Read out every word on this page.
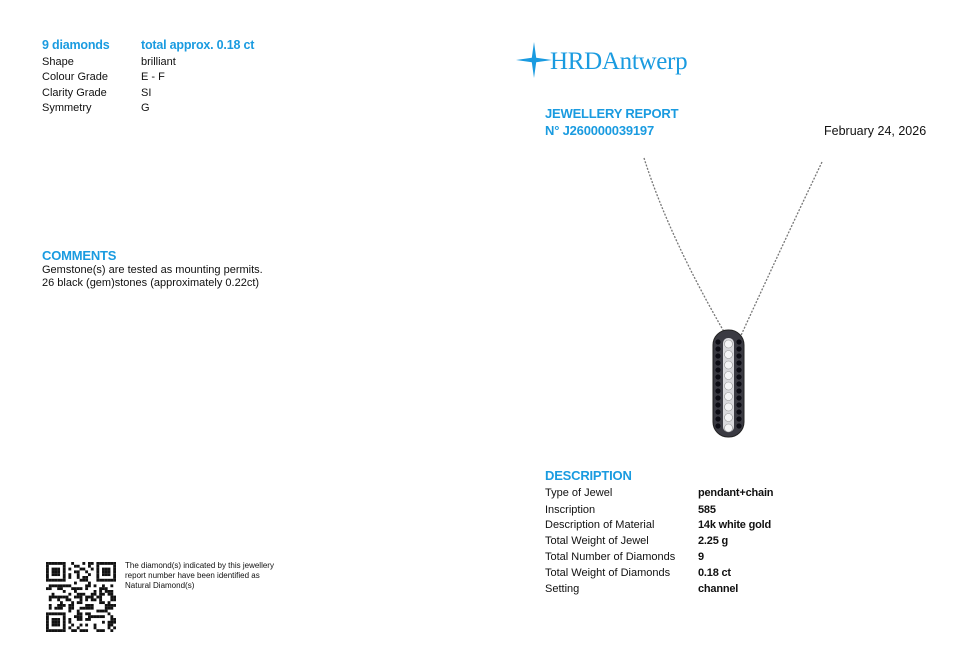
9 diamonds	total approx. 0.18 ct
Shape	brilliant
Colour Grade	E - F
Clarity Grade	SI
Symmetry	G
COMMENTS
Gemstone(s) are tested as mounting permits.
26 black (gem)stones (approximately 0.22ct)
The diamond(s) indicated by this jewellery
report number have been identified as
Natural Diamond(s)
HRDAntwerp
JEWELLERY REPORT
N° J260000039197	February 24, 2026
DESCRIPTION
Type of Jewel	pendant+chain
Inscription	585
Description of Material	14k white gold
Total Weight of Jewel	2.25 g
Total Number of Diamonds 9
Total Weight of Diamonds	0.18 ct
Setting	channel
